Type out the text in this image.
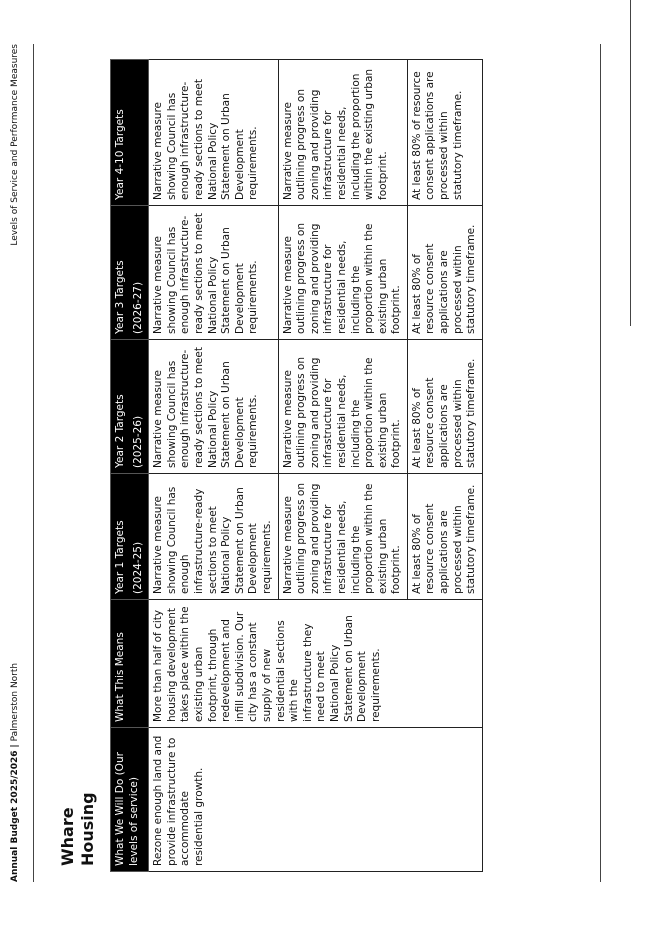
Annual Budget 2025/2026 | Palmerston North
Levels of Service and Performance Measures
Whare Housing What We Will Do (Our levels of service)	What This Means	Year 1 Targets (2024-25)	Year 2 Targets (2025-26)	Year 3 Targets (2026-27)	Year 4-10 Targets
Rezone enough land and provide infrastructure to accommodate residential growth.	More than half of city housing development takes place within the existing urban footprint, through redevelopment and infill subdivision. Our city has a constant supply of new residential sections with the infrastructure they need to meet National Policy Statement on Urban Development requirements.	Narrative measure showing Council has enough infrastructure-ready sections to meet National Policy Statement on Urban Development requirements.	Narrative measure showing Council has enough infrastructure-ready sections to meet National Policy Statement on Urban Development requirements.	Narrative measure showing Council has enough infrastructure-ready sections to meet National Policy Statement on Urban Development requirements.	Narrative measure showing Council has enough infrastructure-ready sections to meet National Policy Statement on Urban Development requirements.
		Narrative measure outlining progress on zoning and providing infrastructure for residential needs, including the proportion within the existing urban footprint.	Narrative measure outlining progress on zoning and providing infrastructure for residential needs, including the proportion within the existing urban footprint.	Narrative measure outlining progress on zoning and providing infrastructure for residential needs, including the proportion within the existing urban footprint.	Narrative measure outlining progress on zoning and providing infrastructure for residential needs, including the proportion within the existing urban footprint.
		At least 80% of resource consent applications are processed within statutory timeframe.	At least 80% of resource consent applications are processed within statutory timeframe.	At least 80% of resource consent applications are processed within statutory timeframe.	At least 80% of resource consent applications are processed within statutory timeframe.
